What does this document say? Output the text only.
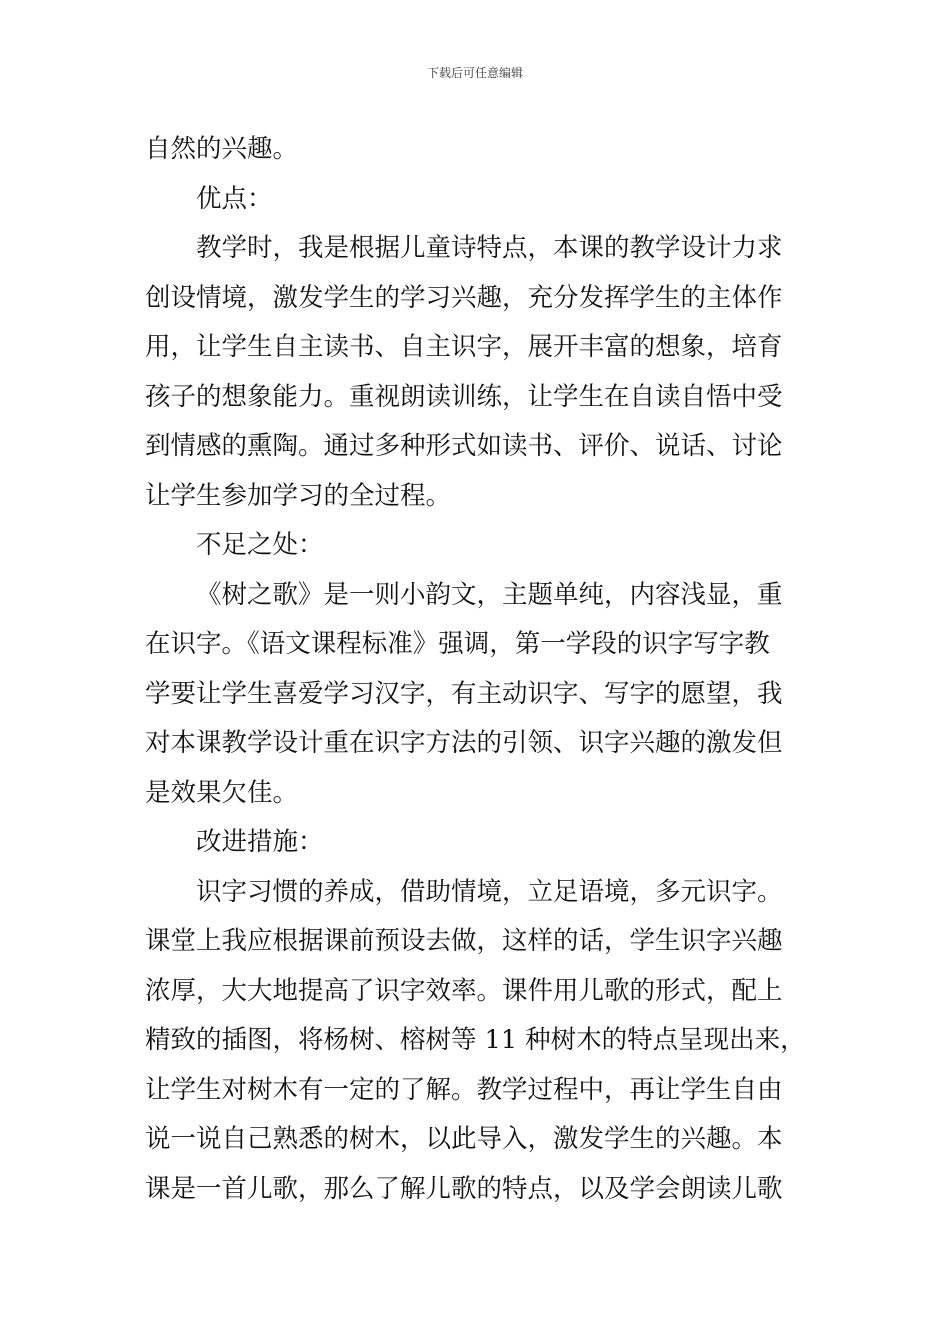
下载后可任意编辑
自然的兴趣。
优点：
教学时，我是根据儿童诗特点，本课的教学设计力求
创设情境，激发学生的学习兴趣，充分发挥学生的主体作
用，让学生自主读书、自主识字，展开丰富的想象，培育
孩子的想象能力。重视朗读训练，让学生在自读自悟中受
到情感的熏陶。通过多种形式如读书、评价、说话、讨论
让学生参加学习的全过程。
不足之处：
《树之歌》是一则小韵文，主题单纯，内容浅显，重
在识字。《语文课程标准》强调，第一学段的识字写字教
学要让学生喜爱学习汉字，有主动识字、写字的愿望，我
对本课教学设计重在识字方法的引领、识字兴趣的激发但
是效果欠佳。
改进措施：
识字习惯的养成，借助情境，立足语境，多元识字。
课堂上我应根据课前预设去做，这样的话，学生识字兴趣
浓厚，大大地提高了识字效率。课件用儿歌的形式，配上
精致的插图，将杨树、榕树等 11 种树木的特点呈现出来，
让学生对树木有一定的了解。教学过程中，再让学生自由
说一说自己熟悉的树木，以此导入，激发学生的兴趣。本
课是一首儿歌，那么了解儿歌的特点，以及学会朗读儿歌
